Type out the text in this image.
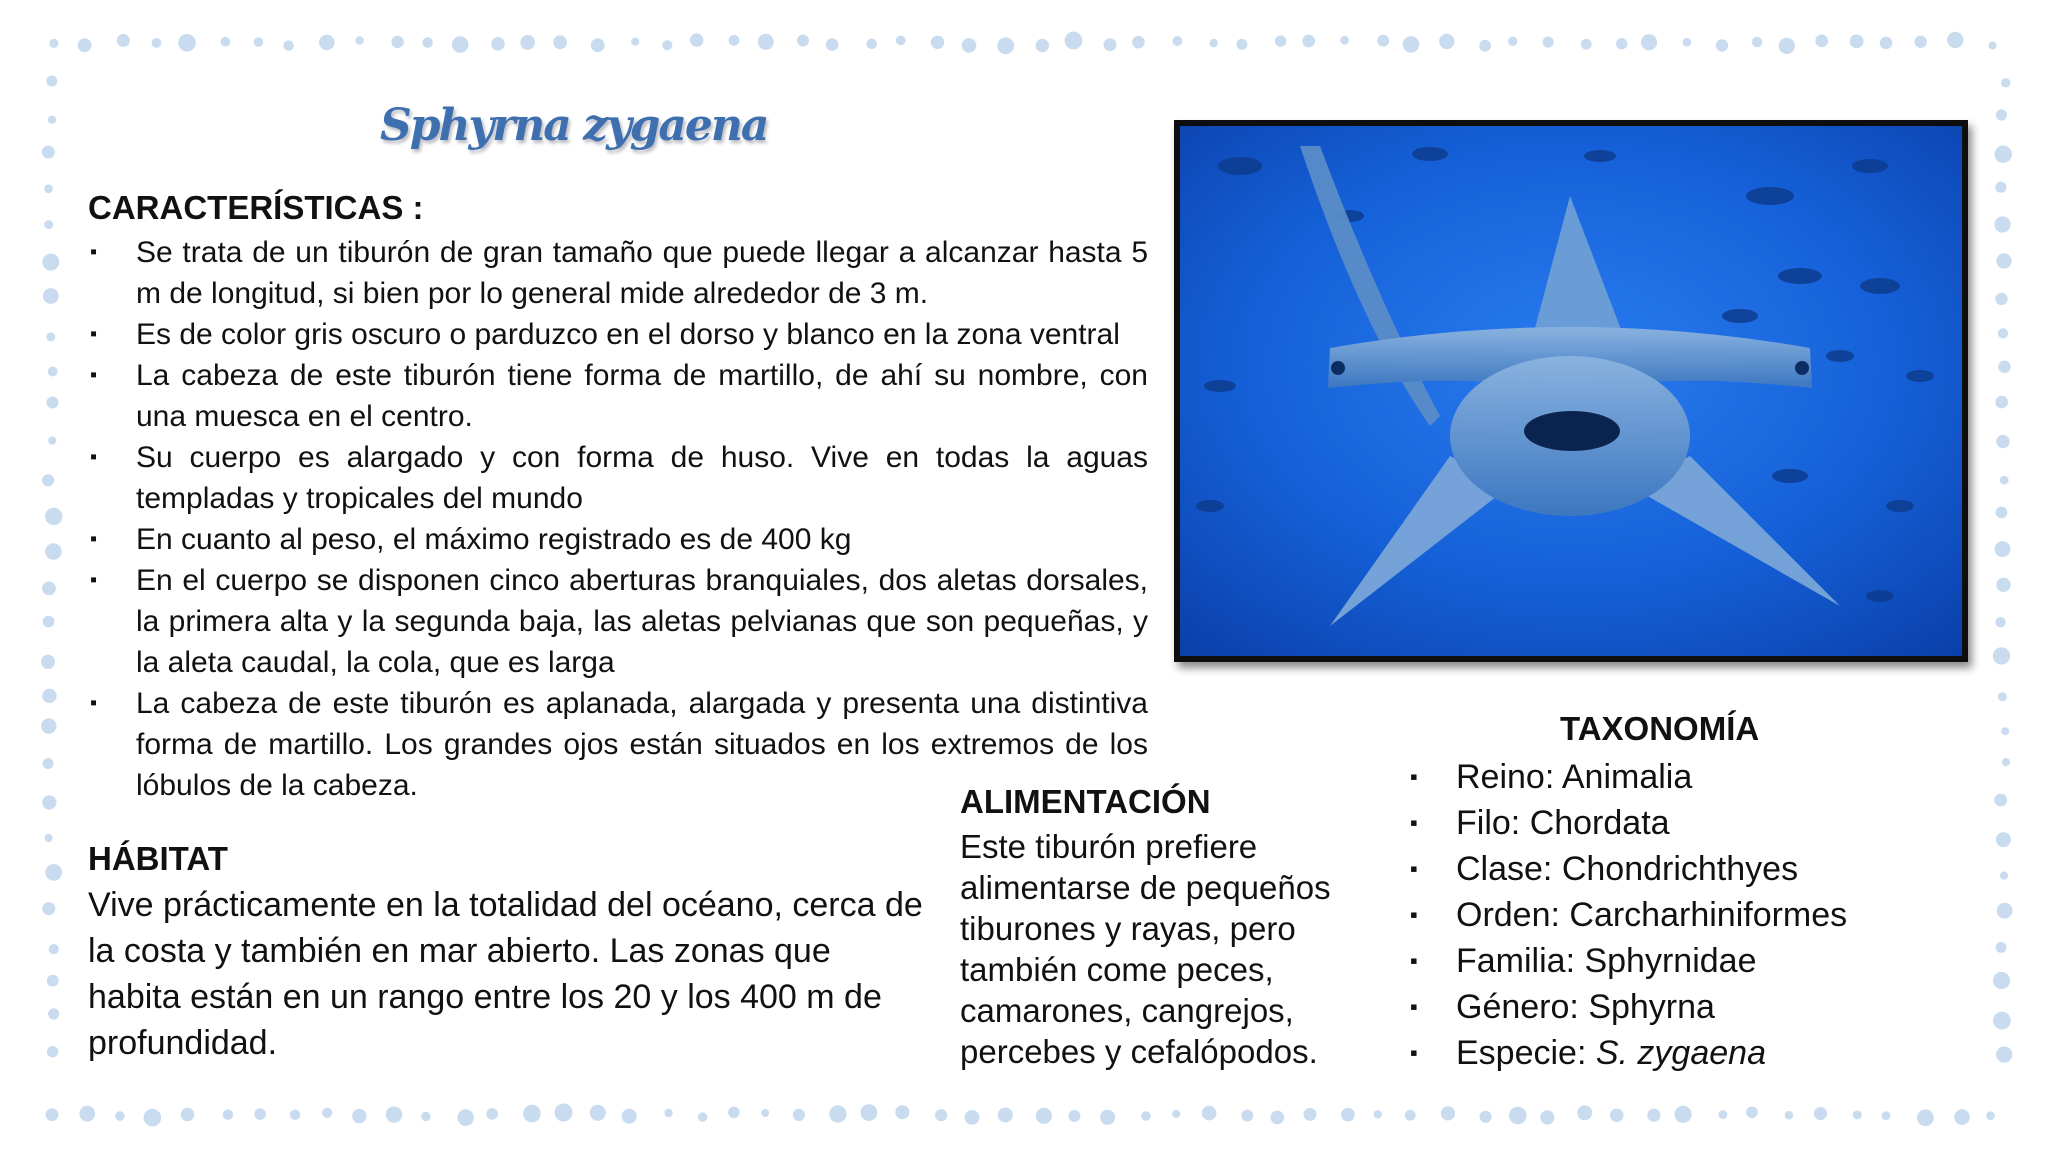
Sphyrna zygaena
CARACTERÍSTICAS :
▪ Se trata de un tiburón de gran tamaño que puede llegar a alcanzar hasta 5 m de longitud, si bien por lo general mide alrededor de 3 m.
▪ Es de color gris oscuro o parduzco en el dorso y blanco en la zona ventral
▪ La cabeza de este tiburón tiene forma de martillo, de ahí su nombre, con una muesca en el centro.
▪ Su cuerpo es alargado y con forma de huso. Vive en todas la aguas templadas y tropicales del mundo
▪ En cuanto al peso, el máximo registrado es de 400 kg
▪ En el cuerpo se disponen cinco aberturas branquiales, dos aletas dorsales, la primera alta y la segunda baja, las aletas pelvianas que son pequeñas, y la aleta caudal, la cola, que es larga
▪ La cabeza de este tiburón es aplanada, alargada y presenta una distintiva forma de martillo. Los grandes ojos están situados en los extremos de los lóbulos de la cabeza.
HÁBITAT
Vive prácticamente en la totalidad del océano, cerca de la costa y también en mar abierto. Las zonas que habita están en un rango entre los 20 y los 400 m de profundidad.
ALIMENTACIÓN
Este tiburón prefiere alimentarse de pequeños tiburones y rayas, pero también come peces, camarones, cangrejos, percebes y cefalópodos.
TAXONOMÍA
▪ Reino: Animalia
▪ Filo: Chordata
▪ Clase: Chondrichthyes
▪ Orden: Carcharhiniformes
▪ Familia: Sphyrnidae
▪ Género: Sphyrna
▪ Especie: S. zygaena
